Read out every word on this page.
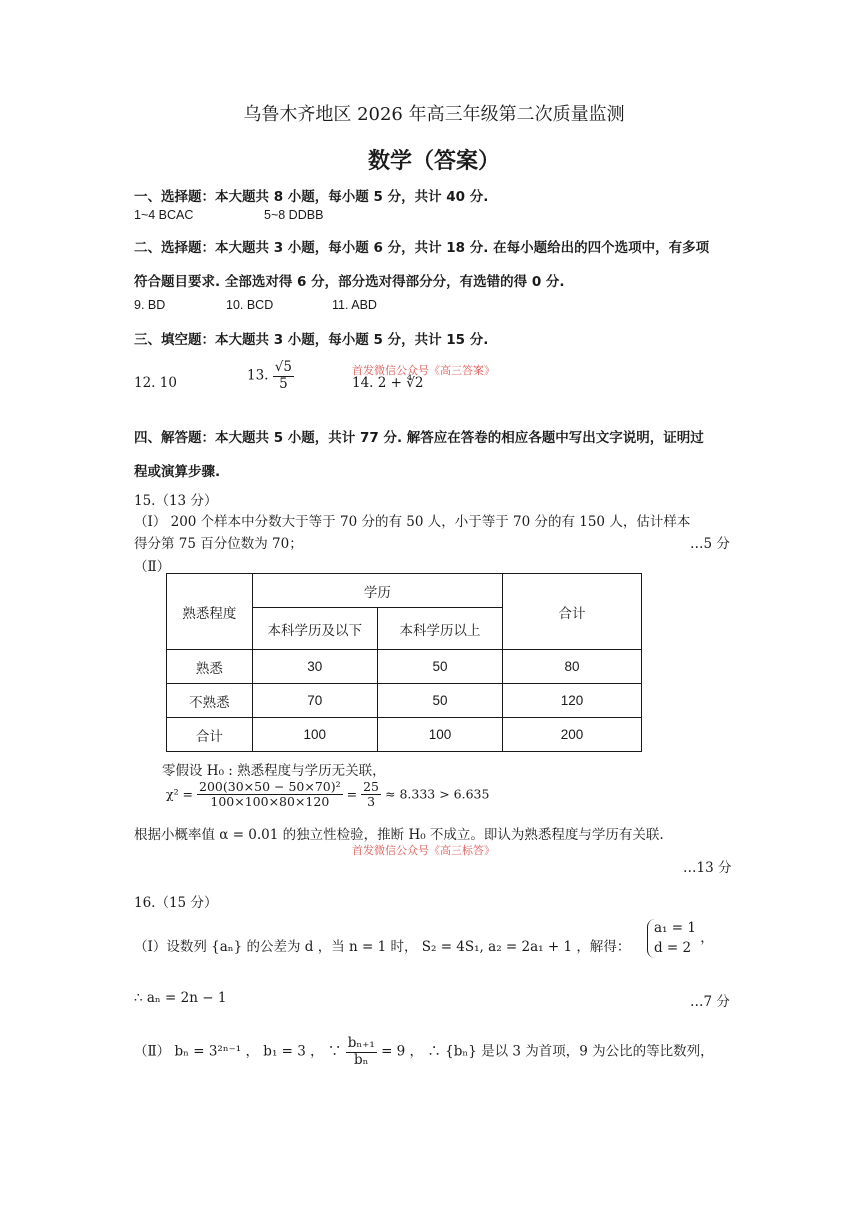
乌鲁木齐地区 2026 年高三年级第二次质量监测
数学（答案）
一、选择题：本大题共 8 小题，每小题 5 分，共计 40 分.
1~4 BCAC	5~8 DDBB
二、选择题：本大题共 3 小题，每小题 6 分，共计 18 分. 在每小题给出的四个选项中，有多项
符合题目要求. 全部选对得 6 分，部分选对得部分分，有选错的得 0 分.
9. BD	10. BCD	11. ABD
三、填空题：本大题共 3 小题，每小题 5 分，共计 15 分.
12. 10	13. $\frac{√5}{5}$	14. 2 + ∜2
首发微信公众号《高三答案》
四、解答题：本大题共 5 小题，共计 77 分. 解答应在答卷的相应各题中写出文字说明，证明过
程或演算步骤.
15.（13 分）
（Ⅰ） 200 个样本中分数大于等于 70 分的有 50 人，小于等于 70 分的有 150 人，估计样本
得分第 75 百分位数为 70；	…5 分
（Ⅱ）
熟悉程度	学历		合计
	本科学历及以下	本科学历以上	
熟悉	30	50	80
不熟悉	70	50	120
合计	100	100	200
零假设 H₀ : 熟悉程度与学历无关联，
$\chi^2 = \frac{\text{200(30×50 − 50×70)²}}{100\times 100\times 80\times 120} = \frac{25}{3} \approx 8.333 > 6.635$
根据小概率值 α = 0.01 的独立性检验，推断 H₀ 不成立。即认为熟悉程度与学历有关联.
首发微信公众号《高三标答》
…13 分
16.（15 分）
（Ⅰ）设数列 {aₙ} 的公差为 d ，当 n = 1 时， S₂ = 4S₁, a₂ = 2a₁ + 1 ，解得：
a₁ = 1
d = 2
，
∴ aₙ = 2n − 1	…7 分
（Ⅱ） bₙ = 3²ⁿ⁻¹ ， b₁ = 3 ， ∵ $\frac{\text{bₙ₊₁}}{\text{bₙ}} = 9$ ， ∴ {bₙ} 是以 3 为首项，9 为公比的等比数列，
